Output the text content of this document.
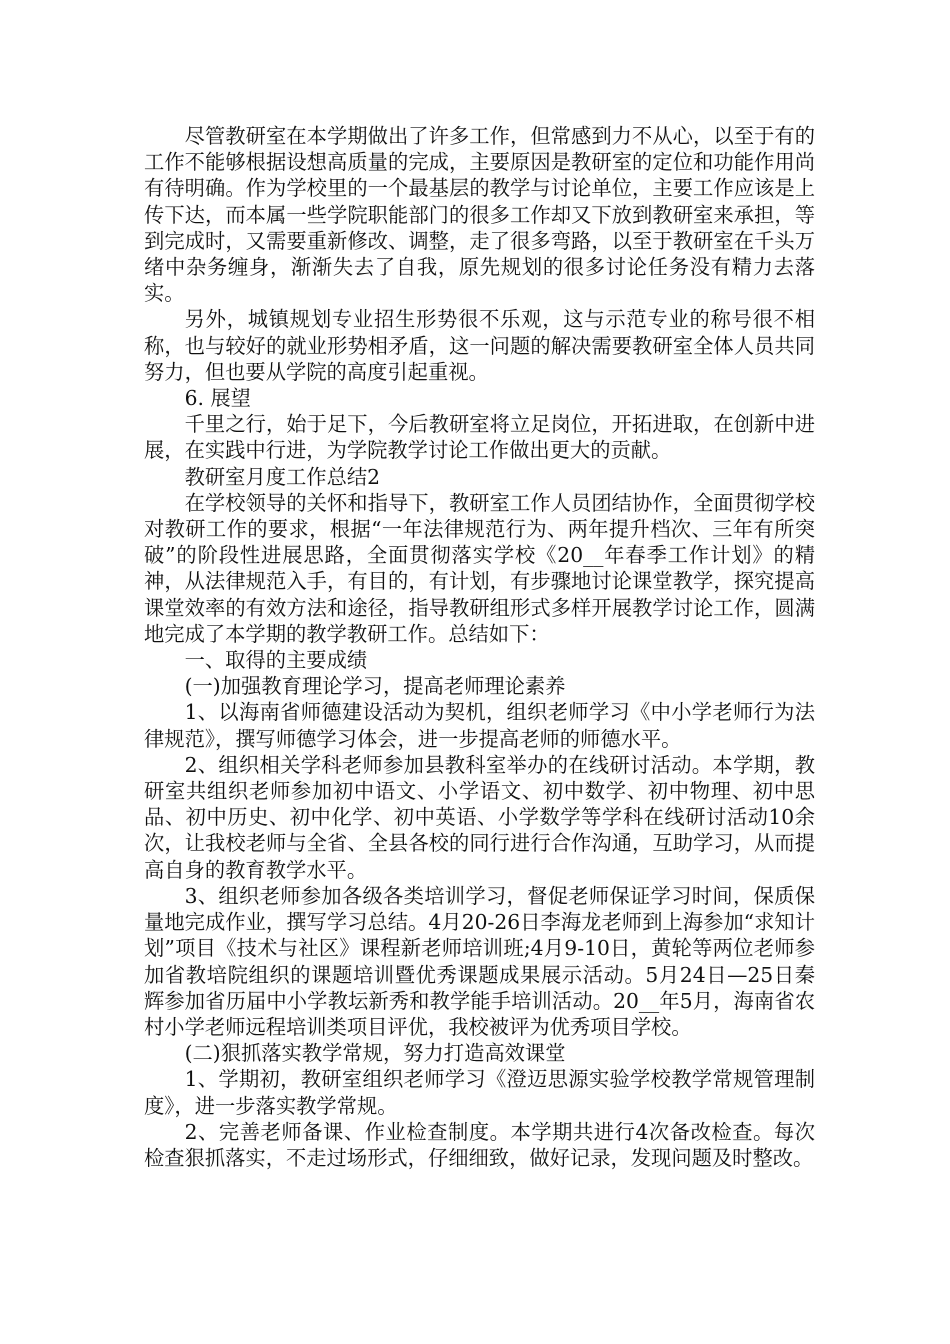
尽管教研室在本学期做出了许多工作，但常感到力不从心，以至于有的工作不能够根据设想高质量的完成，主要原因是教研室的定位和功能作用尚有待明确。作为学校里的一个最基层的教学与讨论单位，主要工作应该是上传下达，而本属一些学院职能部门的很多工作却又下放到教研室来承担，等到完成时，又需要重新修改、调整，走了很多弯路，以至于教研室在千头万绪中杂务缠身，渐渐失去了自我，原先规划的很多讨论任务没有精力去落实。

另外，城镇规划专业招生形势很不乐观，这与示范专业的称号很不相称，也与较好的就业形势相矛盾，这一问题的解决需要教研室全体人员共同努力，但也要从学院的高度引起重视。

6. 展望

千里之行，始于足下，今后教研室将立足岗位，开拓进取，在创新中进展，在实践中行进，为学院教学讨论工作做出更大的贡献。

教研室月度工作总结2

在学校领导的关怀和指导下，教研室工作人员团结协作，全面贯彻学校对教研工作的要求，根据“一年法律规范行为、两年提升档次、三年有所突破”的阶段性进展思路，全面贯彻落实学校《20__年春季工作计划》的精神，从法律规范入手，有目的，有计划，有步骤地讨论课堂教学，探究提高课堂效率的有效方法和途径，指导教研组形式多样开展教学讨论工作，圆满地完成了本学期的教学教研工作。总结如下：

一、取得的主要成绩

(一)加强教育理论学习，提高老师理论素养

1、以海南省师德建设活动为契机，组织老师学习《中小学老师行为法律规范》，撰写师德学习体会，进一步提高老师的师德水平。

2、组织相关学科老师参加县教科室举办的在线研讨活动。本学期，教研室共组织老师参加初中语文、小学语文、初中数学、初中物理、初中思品、初中历史、初中化学、初中英语、小学数学等学科在线研讨活动10余次，让我校老师与全省、全县各校的同行进行合作沟通，互助学习，从而提高自身的教育教学水平。

3、组织老师参加各级各类培训学习，督促老师保证学习时间，保质保量地完成作业，撰写学习总结。4月20-26日李海龙老师到上海参加“求知计划”项目《技术与社区》课程新老师培训班;4月9-10日，黄轮等两位老师参加省教培院组织的课题培训暨优秀课题成果展示活动。5月24日—25日秦辉参加省历届中小学教坛新秀和教学能手培训活动。20__年5月，海南省农村小学老师远程培训类项目评优，我校被评为优秀项目学校。

(二)狠抓落实教学常规，努力打造高效课堂

1、学期初，教研室组织老师学习《澄迈思源实验学校教学常规管理制度》，进一步落实教学常规。

2、完善老师备课、作业检查制度。本学期共进行4次备改检查。每次检查狠抓落实，不走过场形式，仔细细致，做好记录，发现问题及时整改。
